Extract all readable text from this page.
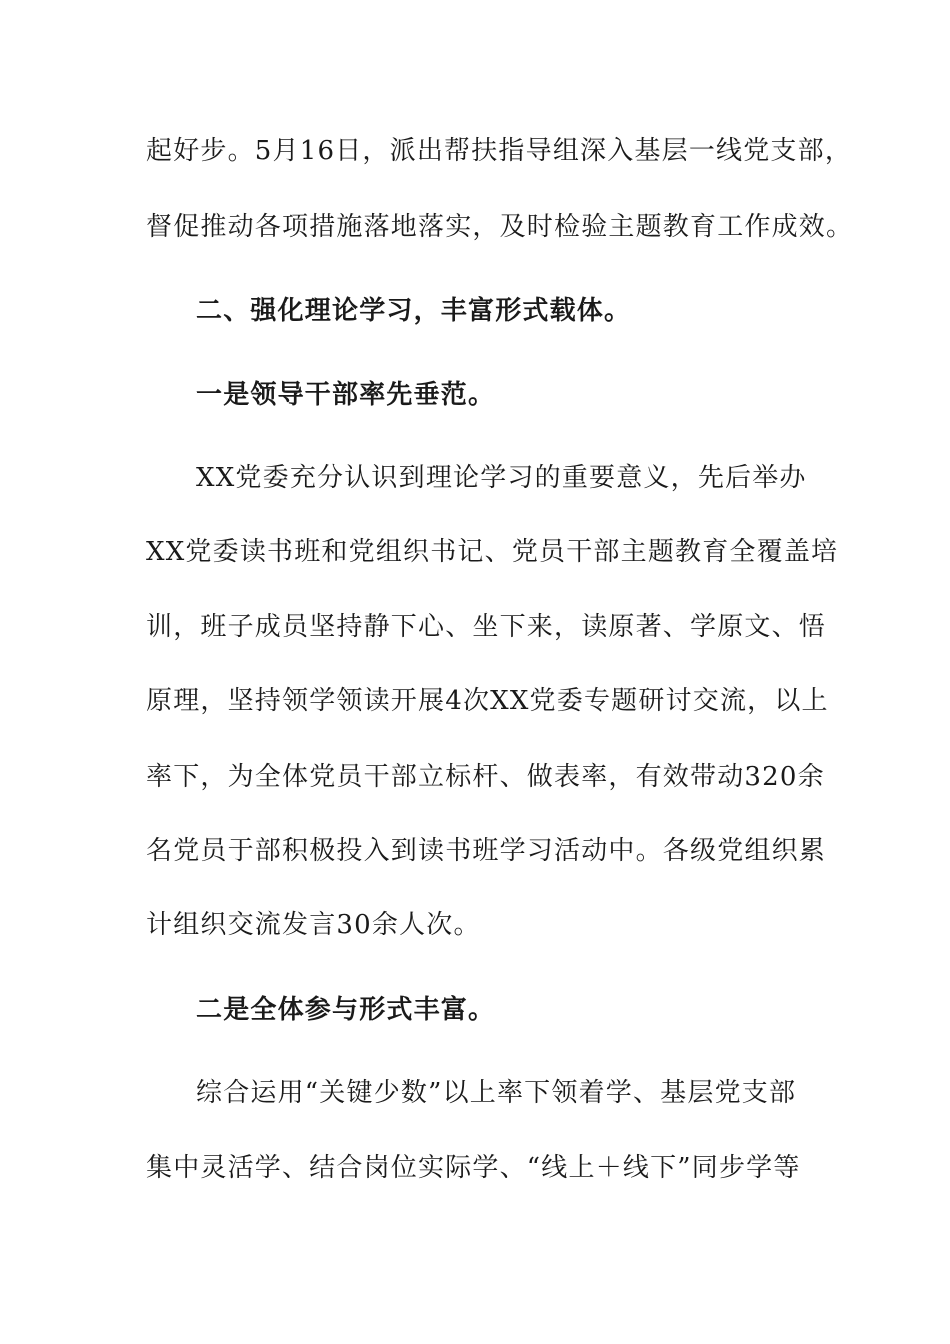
起好步。5月16日，派出帮扶指导组深入基层一线党支部，
督促推动各项措施落地落实，及时检验主题教育工作成效。
二、强化理论学习，丰富形式载体。
一是领导干部率先垂范。
XX党委充分认识到理论学习的重要意义，先后举办
XX党委读书班和党组织书记、党员干部主题教育全覆盖培
训，班子成员坚持静下心、坐下来，读原著、学原文、悟
原理，坚持领学领读开展4次XX党委专题研讨交流，以上
率下，为全体党员干部立标杆、做表率，有效带动320余
名党员于部积极投入到读书班学习活动中。各级党组织累
计组织交流发言30余人次。
二是全体参与形式丰富。
综合运用“关键少数”以上率下领着学、基层党支部
集中灵活学、结合岗位实际学、“线上＋线下”同步学等
